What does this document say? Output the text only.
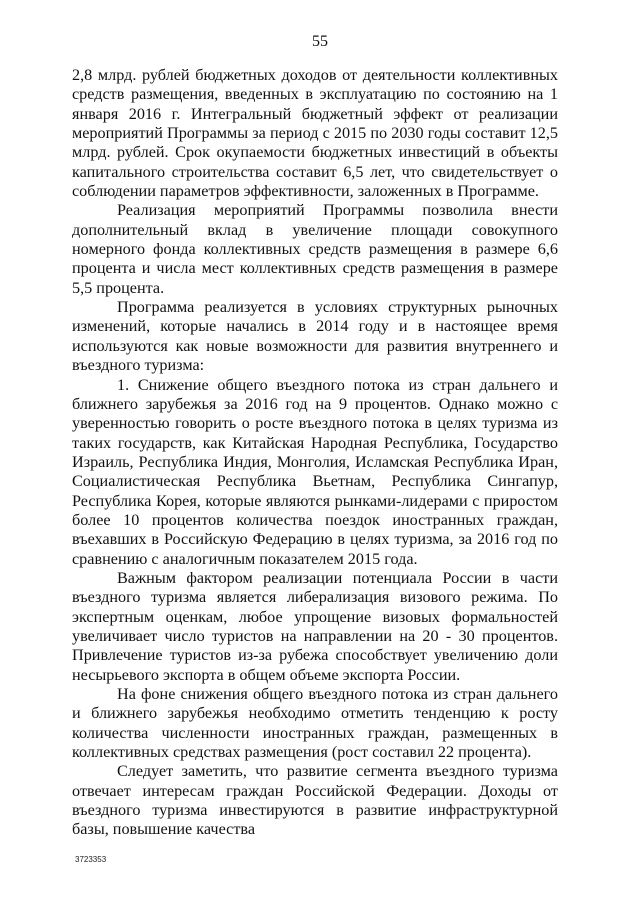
55

2,8 млрд. рублей бюджетных доходов от деятельности коллективных средств размещения, введенных в эксплуатацию по состоянию на 1 января 2016 г. Интегральный бюджетный эффект от реализации мероприятий Программы за период с 2015 по 2030 годы составит 12,5 млрд. рублей. Срок окупаемости бюджетных инвестиций в объекты капитального строительства составит 6,5 лет, что свидетельствует о соблюдении параметров эффективности, заложенных в Программе.

Реализация мероприятий Программы позволила внести дополнительный вклад в увеличение площади совокупного номерного фонда коллективных средств размещения в размере 6,6 процента и числа мест коллективных средств размещения в размере 5,5 процента.

Программа реализуется в условиях структурных рыночных изменений, которые начались в 2014 году и в настоящее время используются как новые возможности для развития внутреннего и въездного туризма:

1. Снижение общего въездного потока из стран дальнего и ближнего зарубежья за 2016 год на 9 процентов. Однако можно с уверенностью говорить о росте въездного потока в целях туризма из таких государств, как Китайская Народная Республика, Государство Израиль, Республика Индия, Монголия, Исламская Республика Иран, Социалистическая Республика Вьетнам, Республика Сингапур, Республика Корея, которые являются рынками-лидерами с приростом более 10 процентов количества поездок иностранных граждан, въехавших в Российскую Федерацию в целях туризма, за 2016 год по сравнению с аналогичным показателем 2015 года.

Важным фактором реализации потенциала России в части въездного туризма является либерализация визового режима. По экспертным оценкам, любое упрощение визовых формальностей увеличивает число туристов на направлении на 20 - 30 процентов. Привлечение туристов из-за рубежа способствует увеличению доли несырьевого экспорта в общем объеме экспорта России.

На фоне снижения общего въездного потока из стран дальнего и ближнего зарубежья необходимо отметить тенденцию к росту количества численности иностранных граждан, размещенных в коллективных средствах размещения (рост составил 22 процента).

Следует заметить, что развитие сегмента въездного туризма отвечает интересам граждан Российской Федерации. Доходы от въездного туризма инвестируются в развитие инфраструктурной базы, повышение качества

3723353
